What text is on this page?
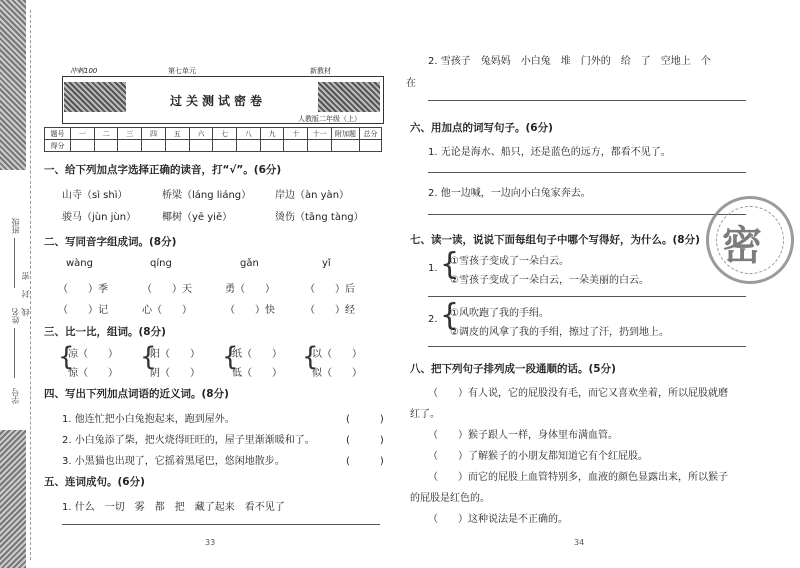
班级
姓名
学号
密
封
线
冲刺100	第七单元	新教材
过关测试密卷
人教版二年级（上）
题号	一	二	三	四	五	六	七	八	九	十	十一	附加题	总分
得分													
一、给下列加点字选择正确的读音，打“√”。(6分)
山寺（sì shì）	桥梁（láng liáng） 岸边（àn yàn）
骏马（jùn jùn）	椰树（yē yiē）	烫伤（tāng tàng）
二、写同音字组成词。(8分)
wàng	qíng	gǎn	yǐ
（　　）季	（　　）天	勇（　　）	（　　）后
（　　）记	心（　　）	（　　）快	（　　）经
三、比一比，组词。(8分)
{
凉（　　）
惊（　　）
{
阳（　　）
阴（　　）
{
纸（　　）
低（　　）
{
以（　　）
似（　　）
四、写出下列加点词语的近义词。(8分)
1. 他连忙把小白兔抱起来，跑到屋外。	(　　　)
2. 小白兔添了柴，把火烧得旺旺的，屋子里渐渐暖和了。	(　　　)
3. 小黑猫也出现了，它摇着黑尾巴，悠闲地散步。	(　　　)
五、连词成句。(6分)
1. 什么　一切　雾　都　把　藏了起来　看不见了
33
2. 雪孩子　兔妈妈　小白兔　堆　门外的　给　了　空地上　个
在
六、用加点的词写句子。(6分)
1. 无论是海水、船只，还是蓝色的远方，都看不见了。
2. 他一边喊，一边向小白兔家奔去。
七、读一读，说说下面每组句子中哪个写得好，为什么。(8分)
1. {
①雪孩子变成了一朵白云。
②雪孩子变成了一朵白云，一朵美丽的白云。
2. {
①风吹跑了我的手绢。
②调皮的风拿了我的手绢，擦过了汗，扔到地上。
八、把下列句子排列成一段通顺的话。(5分)
（　　）有人说，它的屁股没有毛，而它又喜欢坐着，所以屁股就磨
红了。
（　　）猴子跟人一样，身体里布满血管。
（　　）了解猴子的小朋友都知道它有个红屁股。
（　　）而它的屁股上血管特别多，血液的颜色显露出来，所以猴子
的屁股是红色的。
（　　）这种说法是不正确的。
34
密
